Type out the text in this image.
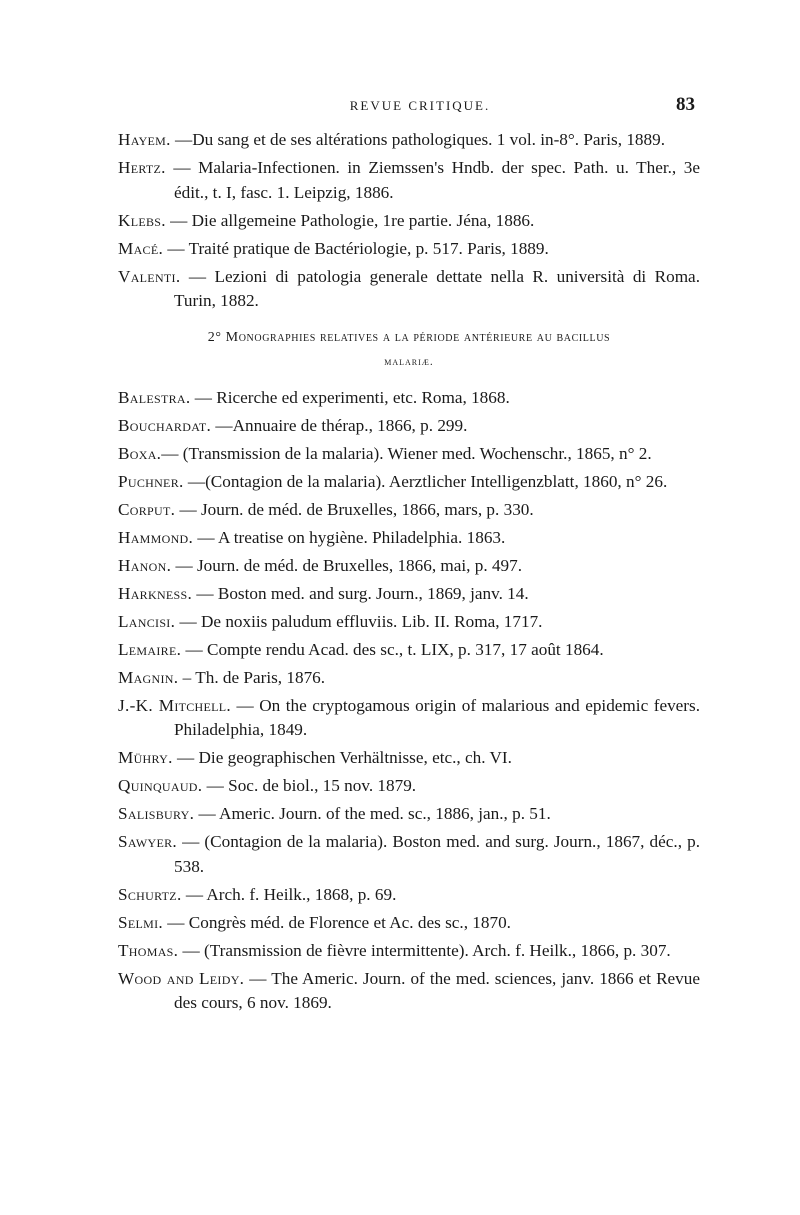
REVUE CRITIQUE.	83

Hayem. —Du sang et de ses altérations pathologiques. 1 vol. in-8°. Paris, 1889.

Hertz. — Malaria-Infectionen. in Ziemssen's Hndb. der spec. Path. u. Ther., 3e édit., t. I, fasc. 1. Leipzig, 1886.

Klebs. — Die allgemeine Pathologie, 1re partie. Jéna, 1886.

Macé. — Traité pratique de Bactériologie, p. 517. Paris, 1889.

Valenti. — Lezioni di patologia generale dettate nella R. università di Roma. Turin, 1882.

2° Monographies relatives a la période antérieure au bacillus
malariæ.

Balestra. — Ricerche ed experimenti, etc. Roma, 1868.

Bouchardat. —Annuaire de thérap., 1866, p. 299.

Boxa.— (Transmission de la malaria). Wiener med. Wochenschr., 1865, n° 2.

Puchner. —(Contagion de la malaria). Aerztlicher Intelligenzblatt, 1860, n° 26.

Corput. — Journ. de méd. de Bruxelles, 1866, mars, p. 330.

Hammond. — A treatise on hygiène. Philadelphia. 1863.

Hanon. — Journ. de méd. de Bruxelles, 1866, mai, p. 497.

Harkness. — Boston med. and surg. Journ., 1869, janv. 14.

Lancisi. — De noxiis paludum effluviis. Lib. II. Roma, 1717.

Lemaire. — Compte rendu Acad. des sc., t. LIX, p. 317, 17 août 1864.

Magnin. – Th. de Paris, 1876.

J.-K. Mitchell. — On the cryptogamous origin of malarious and epidemic fevers. Philadelphia, 1849.

Mühry. — Die geographischen Verhältnisse, etc., ch. VI.

Quinquaud. — Soc. de biol., 15 nov. 1879.

Salisbury. — Americ. Journ. of the med. sc., 1886, jan., p. 51.

Sawyer. — (Contagion de la malaria). Boston med. and surg. Journ., 1867, déc., p. 538.

Schurtz. — Arch. f. Heilk., 1868, p. 69.

Selmi. — Congrès méd. de Florence et Ac. des sc., 1870.

Thomas. — (Transmission de fièvre intermittente). Arch. f. Heilk., 1866, p. 307.

Wood and Leidy. — The Americ. Journ. of the med. sciences, janv. 1866 et Revue des cours, 6 nov. 1869.
